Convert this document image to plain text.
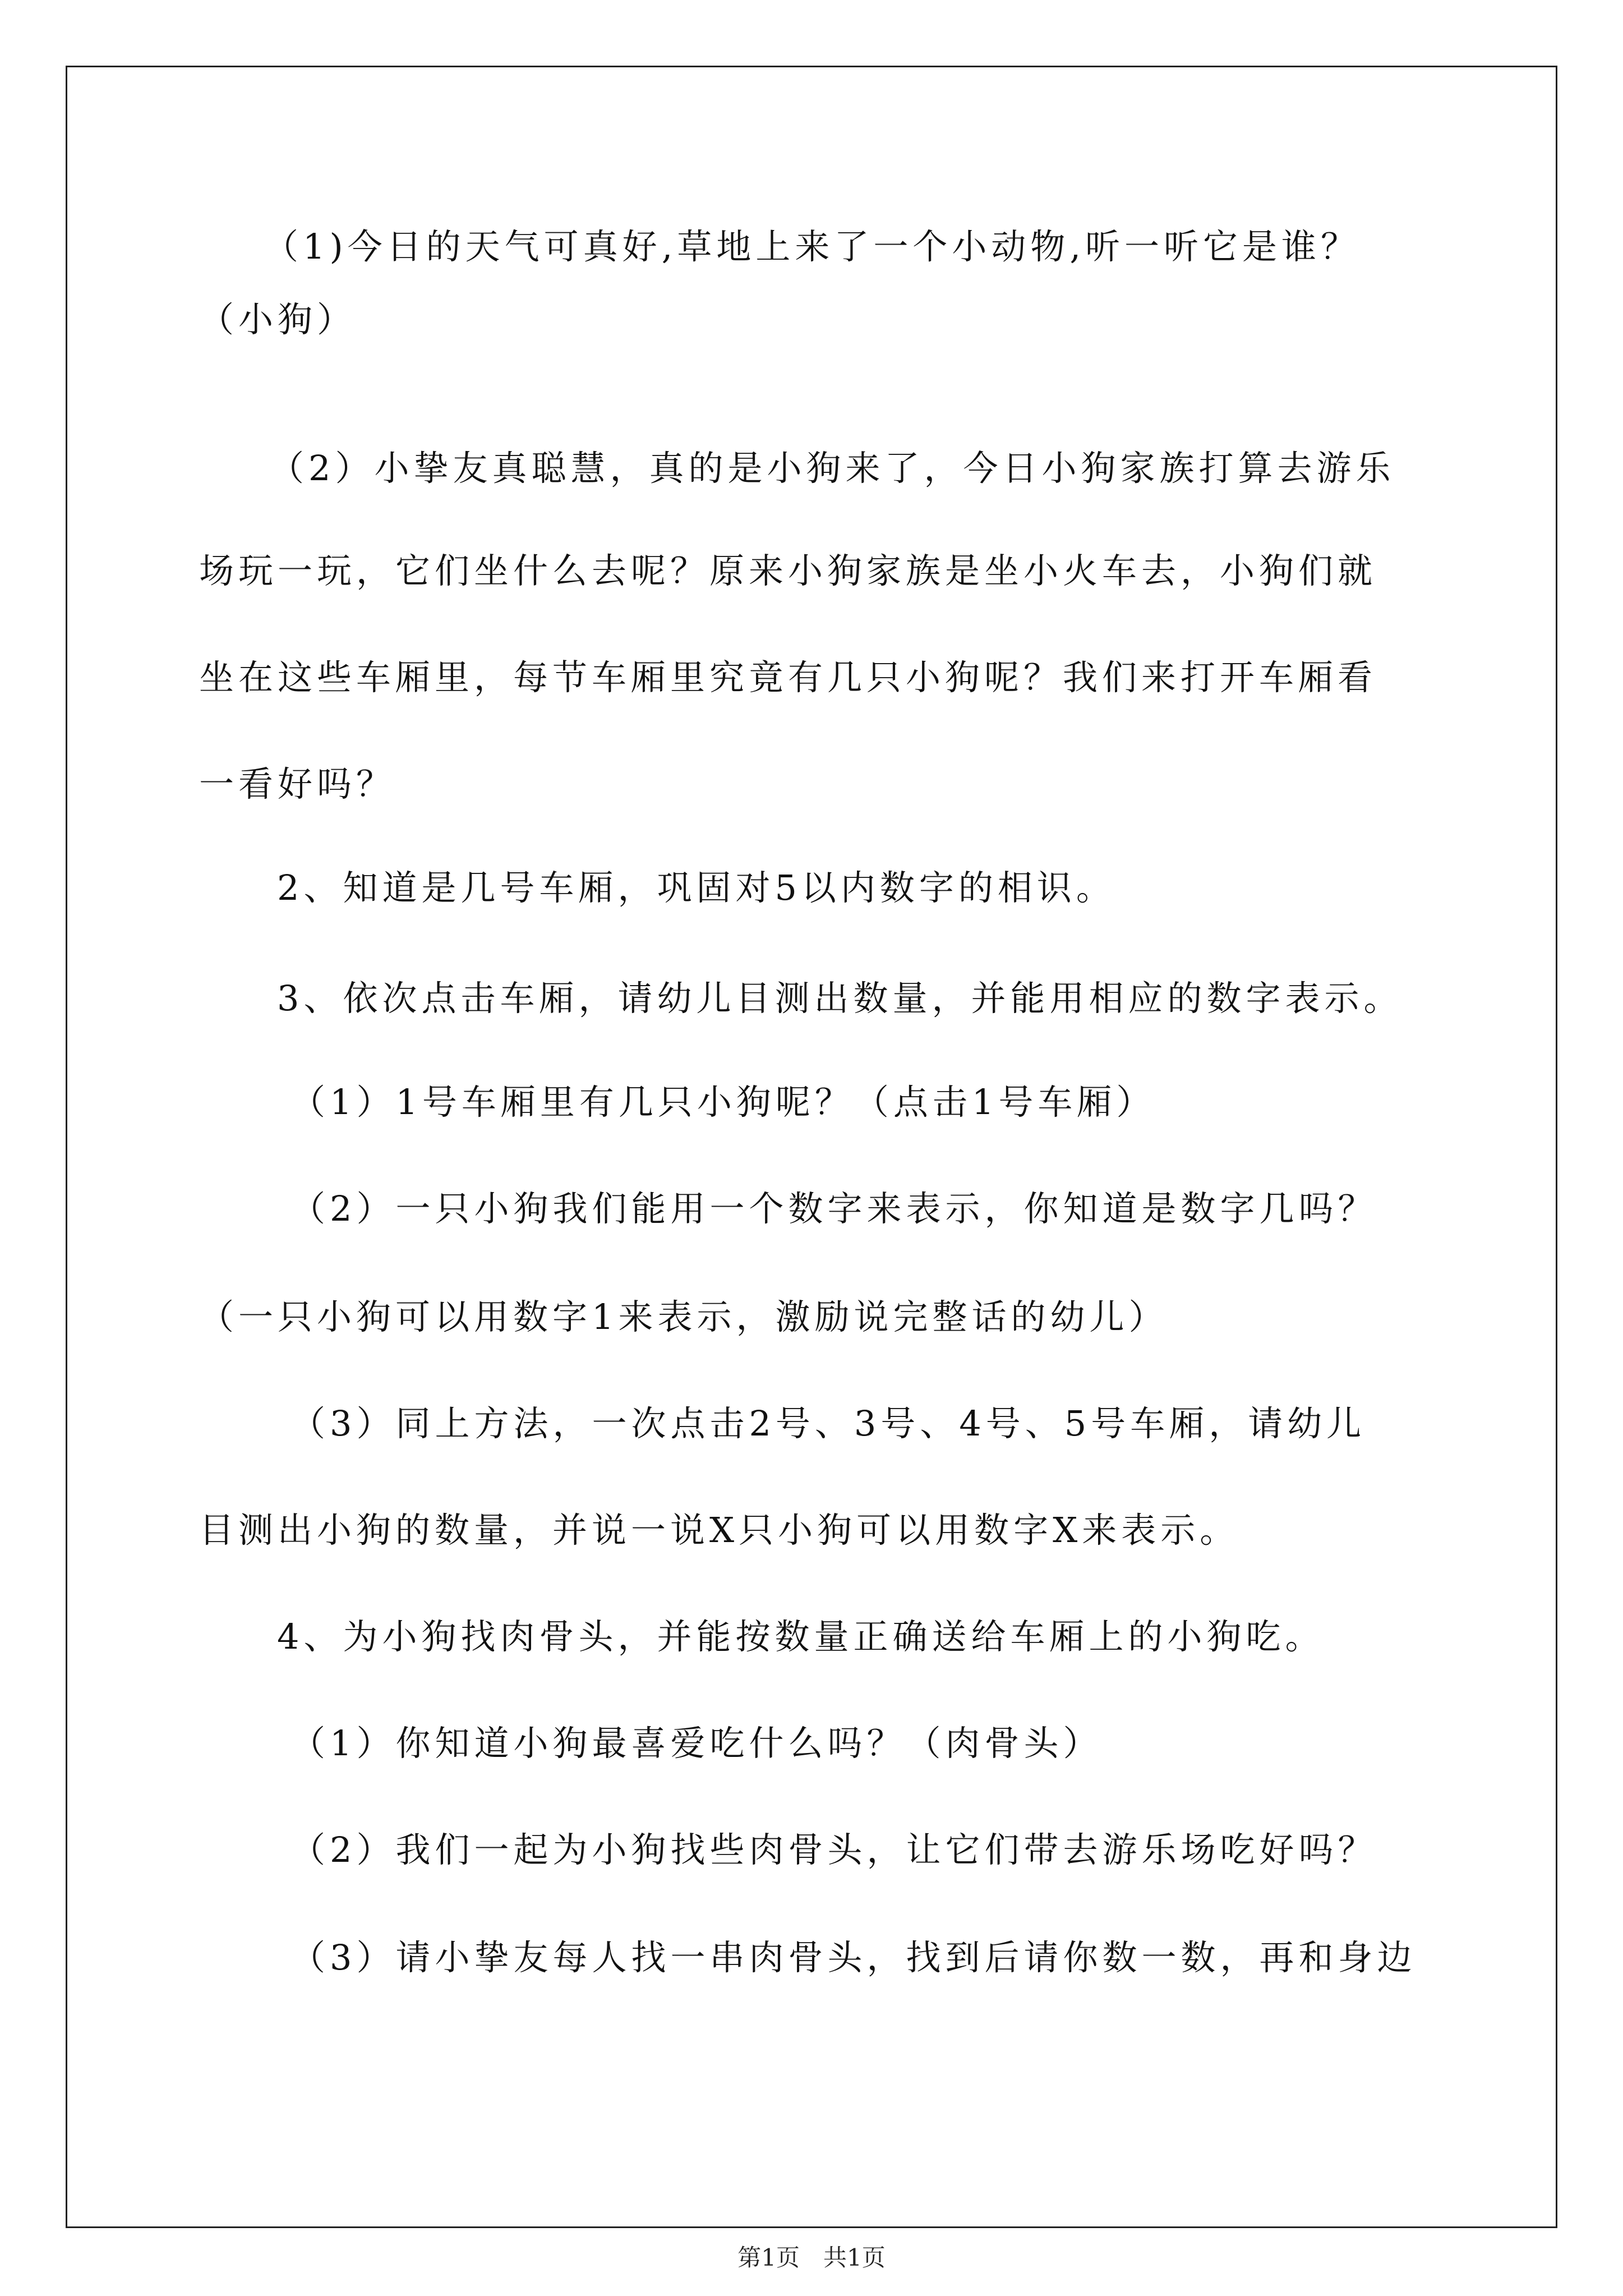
（1)今日的天气可真好,草地上来了一个小动物,听一听它是谁？
（小狗）
（2）小挚友真聪慧，真的是小狗来了，今日小狗家族打算去游乐
场玩一玩，它们坐什么去呢？原来小狗家族是坐小火车去，小狗们就
坐在这些车厢里，每节车厢里究竟有几只小狗呢？我们来打开车厢看
一看好吗？
2、知道是几号车厢，巩固对5以内数字的相识。
3、依次点击车厢，请幼儿目测出数量，并能用相应的数字表示。
（1）1号车厢里有几只小狗呢？（点击1号车厢）
（2）一只小狗我们能用一个数字来表示，你知道是数字几吗？
（一只小狗可以用数字1来表示，激励说完整话的幼儿）
（3）同上方法，一次点击2号、3号、4号、5号车厢，请幼儿
目测出小狗的数量，并说一说X只小狗可以用数字X来表示。
4、为小狗找肉骨头，并能按数量正确送给车厢上的小狗吃。
（1）你知道小狗最喜爱吃什么吗？（肉骨头）
（2）我们一起为小狗找些肉骨头，让它们带去游乐场吃好吗？
（3）请小挚友每人找一串肉骨头，找到后请你数一数，再和身边
第1页　共1页
